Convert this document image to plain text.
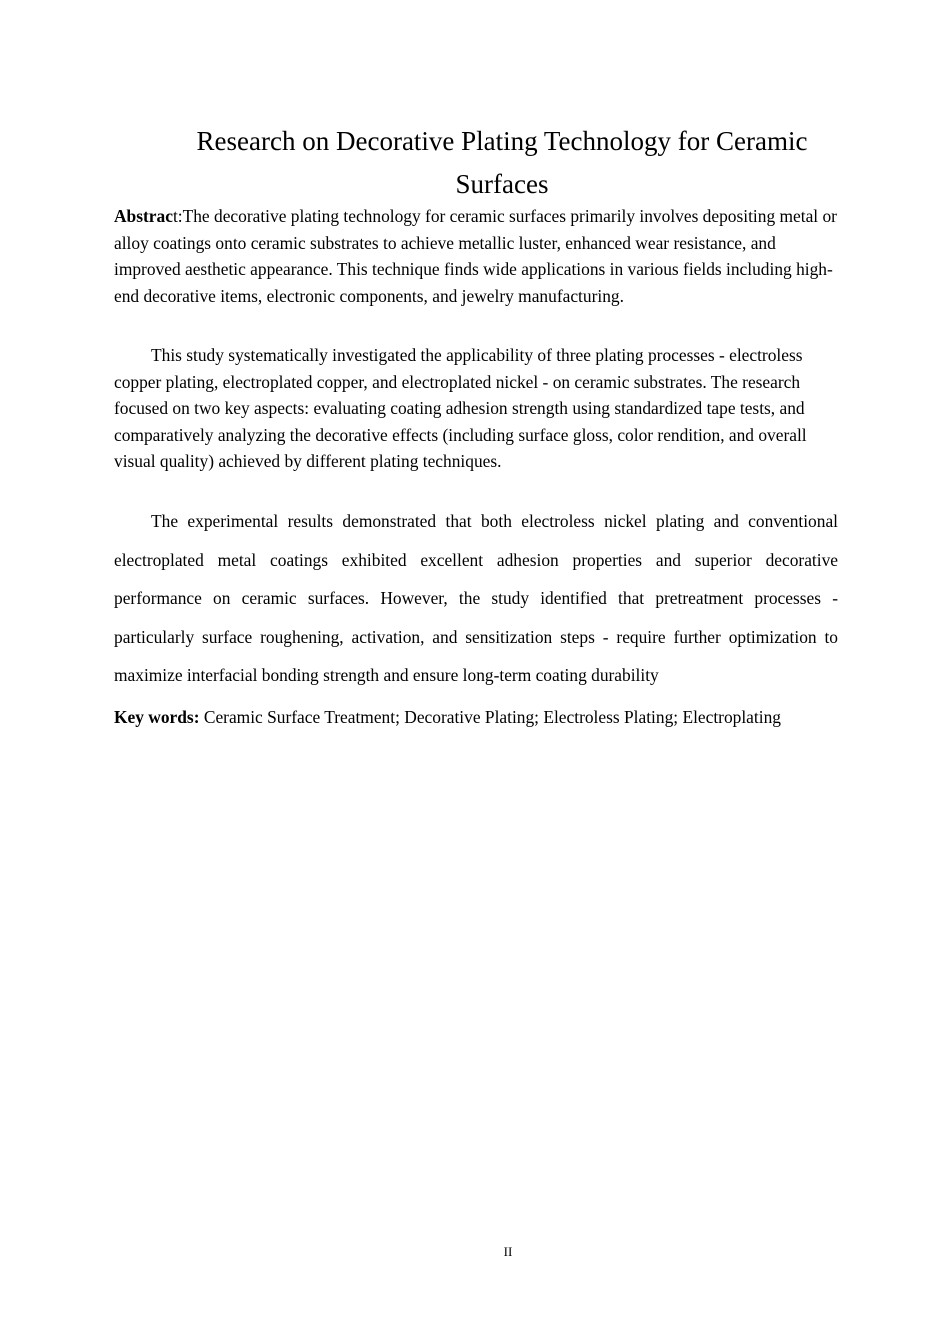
Research on Decorative Plating Technology for Ceramic Surfaces

Abstract:The decorative plating technology for ceramic surfaces primarily involves depositing metal or alloy coatings onto ceramic substrates to achieve metallic luster, enhanced wear resistance, and improved aesthetic appearance. This technique finds wide applications in various fields including high-end decorative items, electronic components, and jewelry manufacturing.

This study systematically investigated the applicability of three plating processes - electroless copper plating, electroplated copper, and electroplated nickel - on ceramic substrates. The research focused on two key aspects: evaluating coating adhesion strength using standardized tape tests, and comparatively analyzing the decorative effects (including surface gloss, color rendition, and overall visual quality) achieved by different plating techniques.

The experimental results demonstrated that both electroless nickel plating and conventional electroplated metal coatings exhibited excellent adhesion properties and superior decorative performance on ceramic surfaces. However, the study identified that pretreatment processes - particularly surface roughening, activation, and sensitization steps - require further optimization to maximize interfacial bonding strength and ensure long-term coating durability

Key words: Ceramic Surface Treatment; Decorative Plating; Electroless Plating; Electroplating

II
